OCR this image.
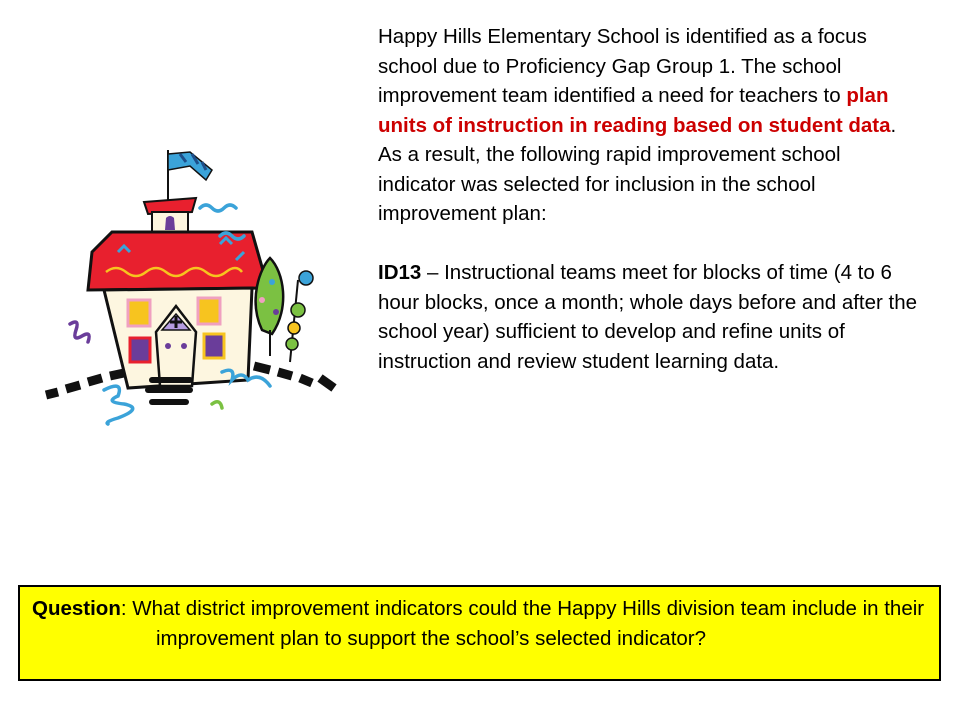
Happy Hills Elementary School is identified as a focus school due to Proficiency Gap Group 1. The school improvement team identified a need for teachers to plan units of instruction in reading based on student data. As a result, the following rapid improvement school indicator was selected for inclusion in the school improvement plan:

ID13 – Instructional teams meet for blocks of time (4 to 6 hour blocks, once a month; whole days before and after the school year) sufficient to develop and refine units of instruction and review student learning data.

Question: What district improvement indicators could the Happy Hills division team include in their improvement plan to support the school’s selected indicator?
